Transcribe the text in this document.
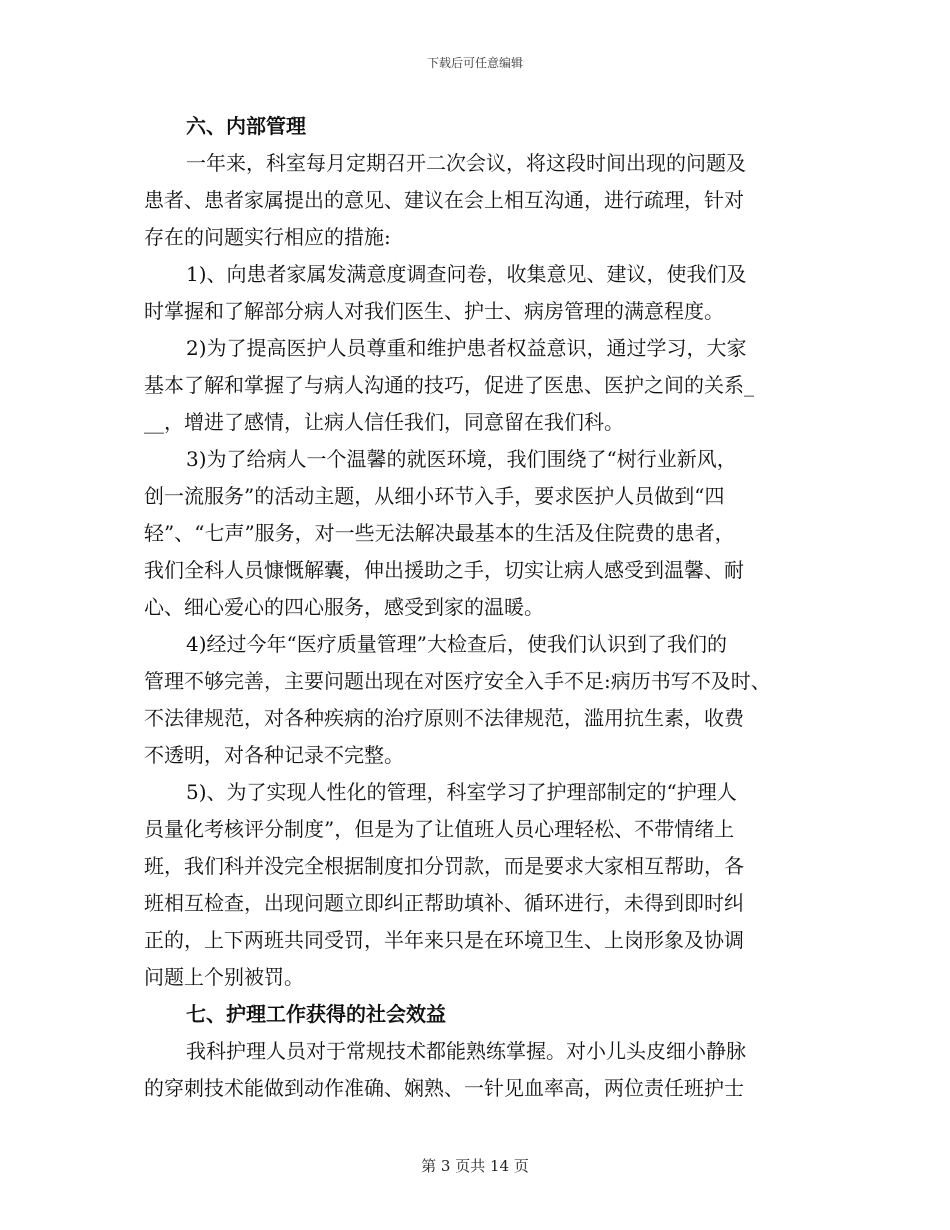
下载后可任意编辑
六、内部管理
一年来，科室每月定期召开二次会议，将这段时间出现的问题及
患者、患者家属提出的意见、建议在会上相互沟通，进行疏理，针对
存在的问题实行相应的措施:
1)、向患者家属发满意度调查问卷，收集意见、建议，使我们及
时掌握和了解部分病人对我们医生、护士、病房管理的满意程度。
2)为了提高医护人员尊重和维护患者权益意识，通过学习，大家
基本了解和掌握了与病人沟通的技巧，促进了医患、医护之间的关系_
__，增进了感情，让病人信任我们，同意留在我们科。
3)为了给病人一个温馨的就医环境，我们围绕了“树行业新风，
创一流服务”的活动主题，从细小环节入手，要求医护人员做到“四
轻”、“七声”服务，对一些无法解决最基本的生活及住院费的患者，
我们全科人员慷慨解囊，伸出援助之手，切实让病人感受到温馨、耐
心、细心爱心的四心服务，感受到家的温暖。
4)经过今年“医疗质量管理”大检查后，使我们认识到了我们的
管理不够完善，主要问题出现在对医疗安全入手不足:病历书写不及时、
不法律规范，对各种疾病的治疗原则不法律规范，滥用抗生素，收费
不透明，对各种记录不完整。
5)、为了实现人性化的管理，科室学习了护理部制定的“护理人
员量化考核评分制度”，但是为了让值班人员心理轻松、不带情绪上
班，我们科并没完全根据制度扣分罚款，而是要求大家相互帮助，各
班相互检查，出现问题立即纠正帮助填补、循环进行，未得到即时纠
正的，上下两班共同受罚，半年来只是在环境卫生、上岗形象及协调
问题上个别被罚。
七、护理工作获得的社会效益
我科护理人员对于常规技术都能熟练掌握。对小儿头皮细小静脉
的穿刺技术能做到动作准确、娴熟、一针见血率高，两位责任班护士
第 3 页共 14 页
